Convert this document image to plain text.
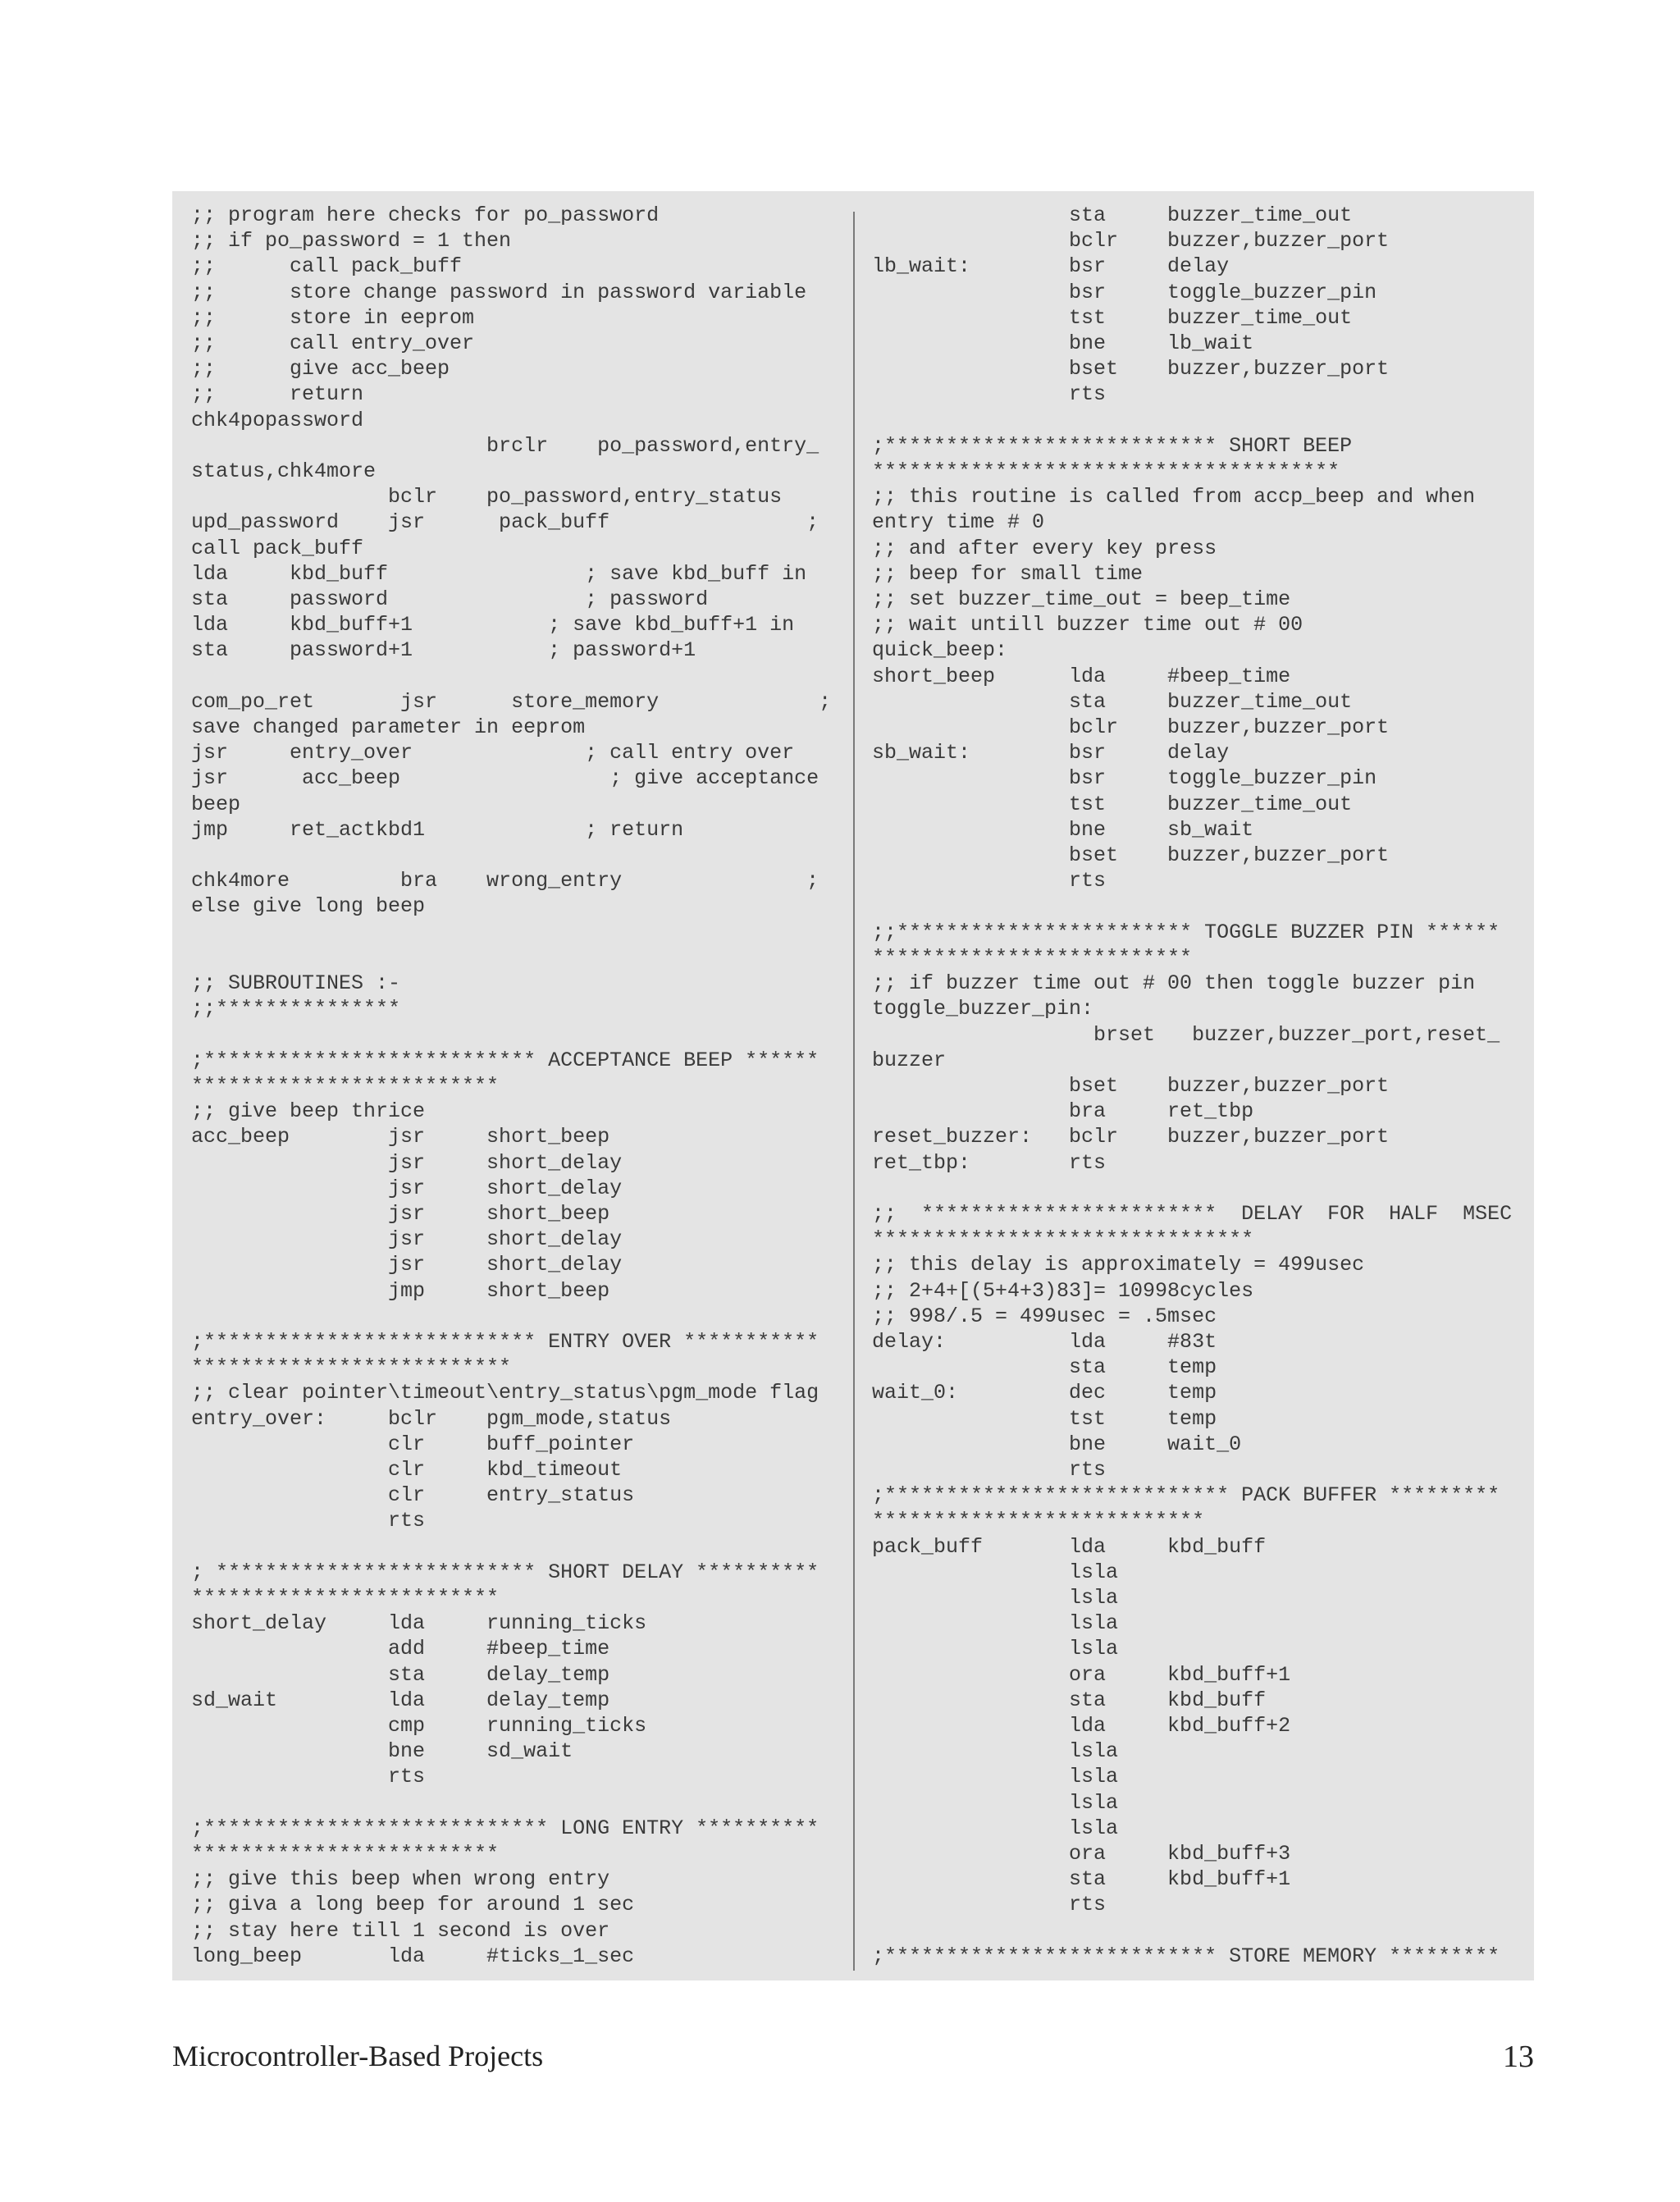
;; program here checks for po_password
;; if po_password = 1 then
;;      call pack_buff
;;      store change password in password variable
;;      store in eeprom
;;      call entry_over
;;      give acc_beep
;;      return
chk4popassword
brclr    po_password,entry_
status,chk4more
bclr    po_password,entry_status
upd_password    jsr      pack_buff                ;
call pack_buff
lda     kbd_buff                ; save kbd_buff in
sta     password                ; password
lda     kbd_buff+1           ; save kbd_buff+1 in
sta     password+1           ; password+1

com_po_ret       jsr      store_memory             ;
save changed parameter in eeprom
jsr     entry_over              ; call entry over
jsr      acc_beep                 ; give acceptance
beep
jmp     ret_actkbd1             ; return

chk4more         bra    wrong_entry               ;
else give long beep

;; SUBROUTINES :-
;;***************

;*************************** ACCEPTANCE BEEP ******
*************************
;; give beep thrice
acc_beep        jsr     short_beep
jsr     short_delay
jsr     short_delay
jsr     short_beep
jsr     short_delay
jsr     short_delay
jmp     short_beep

;*************************** ENTRY OVER ***********
**************************
;; clear pointer\timeout\entry_status\pgm_mode flag
entry_over:     bclr    pgm_mode,status
clr     buff_pointer
clr     kbd_timeout
clr     entry_status
rts

; ************************** SHORT DELAY **********
*************************
short_delay     lda     running_ticks
add     #beep_time
sta     delay_temp
sd_wait         lda     delay_temp
cmp     running_ticks
bne     sd_wait
rts

;**************************** LONG ENTRY **********
*************************
;; give this beep when wrong entry
;; giva a long beep for around 1 sec
;; stay here till 1 second is over
long_beep       lda     #ticks_1_sec
sta     buzzer_time_out
bclr    buzzer,buzzer_port
lb_wait:        bsr     delay
bsr     toggle_buzzer_pin
tst     buzzer_time_out
bne     lb_wait
bset    buzzer,buzzer_port
rts

;*************************** SHORT BEEP
**************************************
;; this routine is called from accp_beep and when
entry time # 0
;; and after every key press
;; beep for small time
;; set buzzer_time_out = beep_time
;; wait untill buzzer time out # 00
quick_beep:
short_beep      lda     #beep_time
sta     buzzer_time_out
bclr    buzzer,buzzer_port
sb_wait:        bsr     delay
bsr     toggle_buzzer_pin
tst     buzzer_time_out
bne     sb_wait
bset    buzzer,buzzer_port
rts

;;************************ TOGGLE BUZZER PIN ******
**************************
;; if buzzer time out # 00 then toggle buzzer pin
toggle_buzzer_pin:
brset   buzzer,buzzer_port,reset_
buzzer
bset    buzzer,buzzer_port
bra     ret_tbp
reset_buzzer:   bclr    buzzer,buzzer_port
ret_tbp:        rts

;;  ************************  DELAY  FOR  HALF  MSEC
*******************************
;; this delay is approximately = 499usec
;; 2+4+[(5+4+3)83]= 10998cycles
;; 998/.5 = 499usec = .5msec
delay:          lda     #83t
sta     temp
wait_0:         dec     temp
tst     temp
bne     wait_0
rts
;**************************** PACK BUFFER *********
***************************
pack_buff       lda     kbd_buff
lsla
lsla
lsla
lsla
ora     kbd_buff+1
sta     kbd_buff
lda     kbd_buff+2
lsla
lsla
lsla
lsla
ora     kbd_buff+3
sta     kbd_buff+1
rts

;*************************** STORE MEMORY *********
Microcontroller-Based Projects	13
